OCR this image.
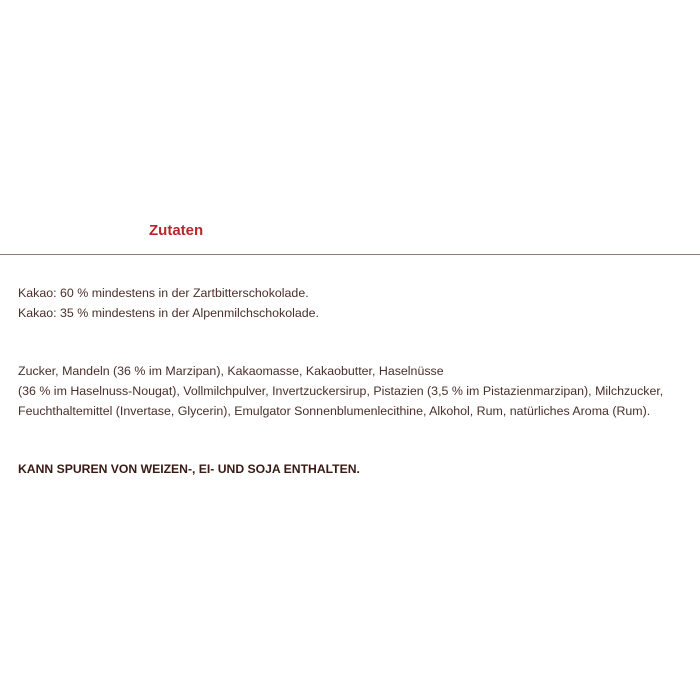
Zutaten

Kakao: 60 % mindestens in der Zartbitterschokolade.
Kakao: 35 % mindestens in der Alpenmilchschokolade.

Zucker, Mandeln (36 % im Marzipan), Kakaomasse, Kakaobutter, Haselnüsse
(36 % im Haselnuss-Nougat), Vollmilchpulver, Invertzuckersirup, Pistazien (3,5 % im Pistazienmarzipan), Milchzucker,
Feuchthaltemittel (Invertase, Glycerin), Emulgator Sonnenblumenlecithine, Alkohol, Rum, natürliches Aroma (Rum).

KANN SPUREN VON WEIZEN-, EI- UND SOJA ENTHALTEN.
